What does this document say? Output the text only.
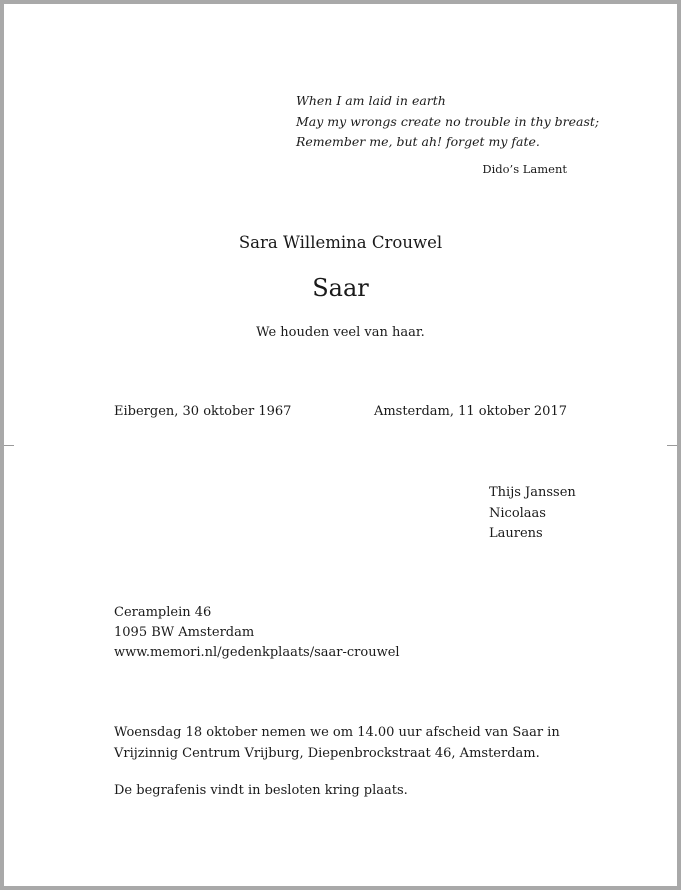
When I am laid in earth
May my wrongs create no trouble in thy breast;
Remember me, but ah! forget my fate.
Dido’s Lament
Sara Willemina Crouwel
Saar
We houden veel van haar.
Eibergen, 30 oktober 1967	Amsterdam, 11 oktober 2017
Thijs Janssen
Nicolaas
Laurens
Ceramplein 46
1095 BW Amsterdam
www.memori.nl/gedenkplaats/saar-crouwel
Woensdag 18 oktober nemen we om 14.00 uur afscheid van Saar in Vrijzinnig Centrum Vrijburg, Diepenbrockstraat 46, Amsterdam.
De begrafenis vindt in besloten kring plaats.
